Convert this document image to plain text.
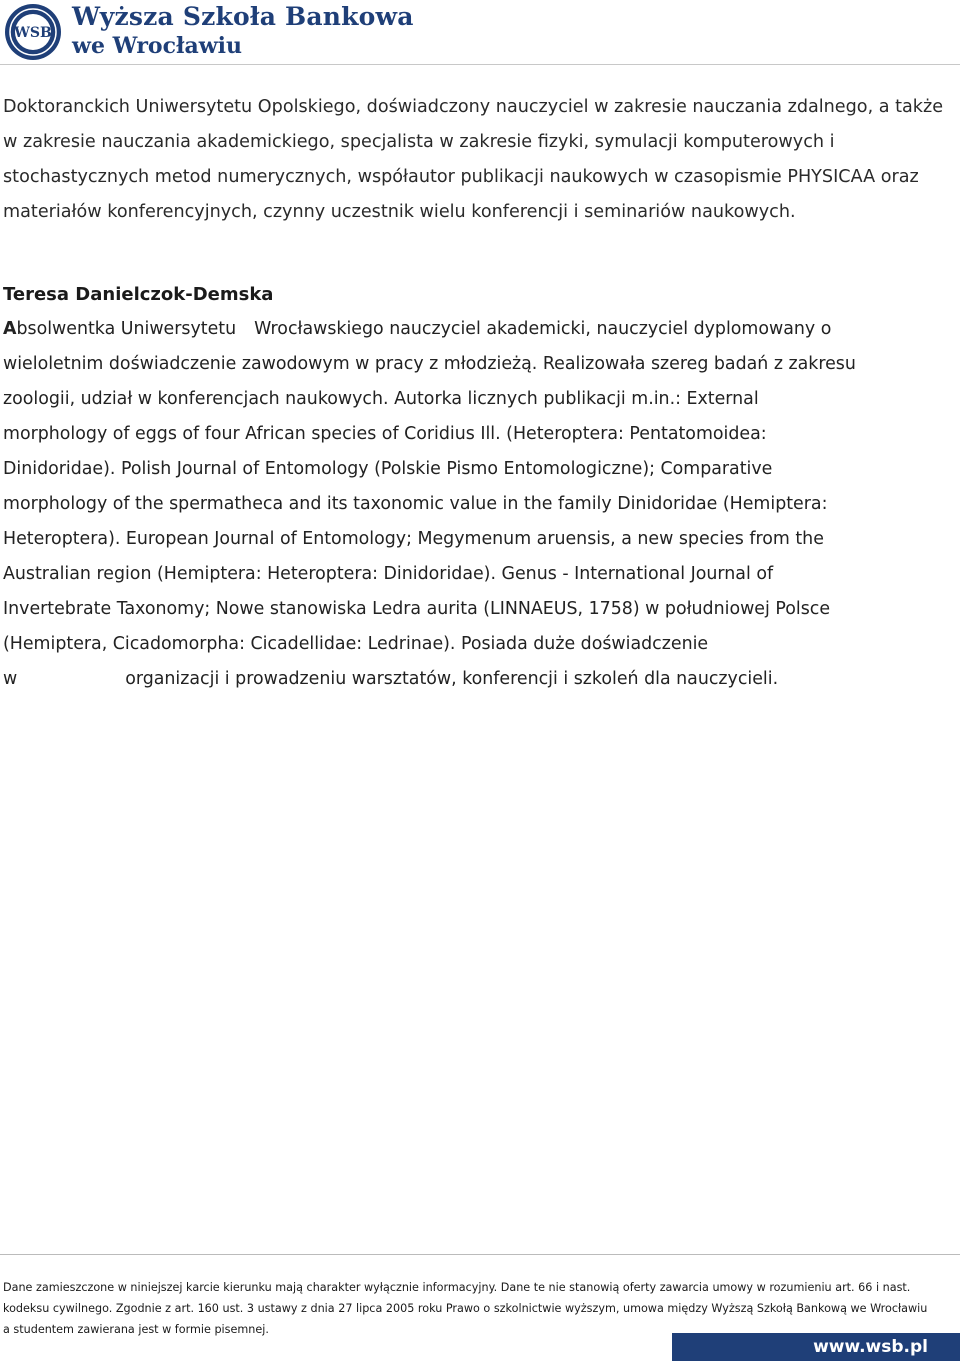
WSB
Wyższa Szkoła Bankowa
we Wrocławiu

Doktoranckich Uniwersytetu Opolskiego, doświadczony nauczyciel w zakresie nauczania zdalnego, a także w zakresie nauczania akademickiego, specjalista w zakresie fizyki, symulacji komputerowych i stochastycznych metod numerycznych, współautor publikacji naukowych w czasopismie PHYSICAA oraz materiałów konferencyjnych, czynny uczestnik wielu konferencji i seminariów naukowych.

Teresa Danielczok-Demska
Absolwentka Uniwersytetu Wrocławskiego nauczyciel akademicki, nauczyciel dyplomowany o
wieloletnim doświadczenie zawodowym w pracy z młodzieżą. Realizowała szereg badań z zakresu
zoologii, udział w konferencjach naukowych. Autorka licznych publikacji m.in.: External
morphology of eggs of four African species of Coridius Ill. (Heteroptera: Pentatomoidea:
Dinidoridae). Polish Journal of Entomology (Polskie Pismo Entomologiczne); Comparative
morphology of the spermatheca and its taxonomic value in the family Dinidoridae (Hemiptera:
Heteroptera). European Journal of Entomology; Megymenum aruensis, a new species from the
Australian region (Hemiptera: Heteroptera: Dinidoridae). Genus - International Journal of
Invertebrate Taxonomy; Nowe stanowiska Ledra aurita (LINNAEUS, 1758) w południowej Polsce
(Hemiptera, Cicadomorpha: Cicadellidae: Ledrinae). Posiada duże doświadczenie
w	organizacji i prowadzeniu warsztatów, konferencji i szkoleń dla nauczycieli.
Dane zamieszczone w niniejszej karcie kierunku mają charakter wyłącznie informacyjny. Dane te nie stanowią oferty zawarcia umowy w rozumieniu art. 66 i nast.
kodeksu cywilnego. Zgodnie z art. 160 ust. 3 ustawy z dnia 27 lipca 2005 roku Prawo o szkolnictwie wyższym, umowa między Wyższą Szkołą Bankową we Wrocławiu
a studentem zawierana jest w formie pisemnej.
www.wsb.pl
